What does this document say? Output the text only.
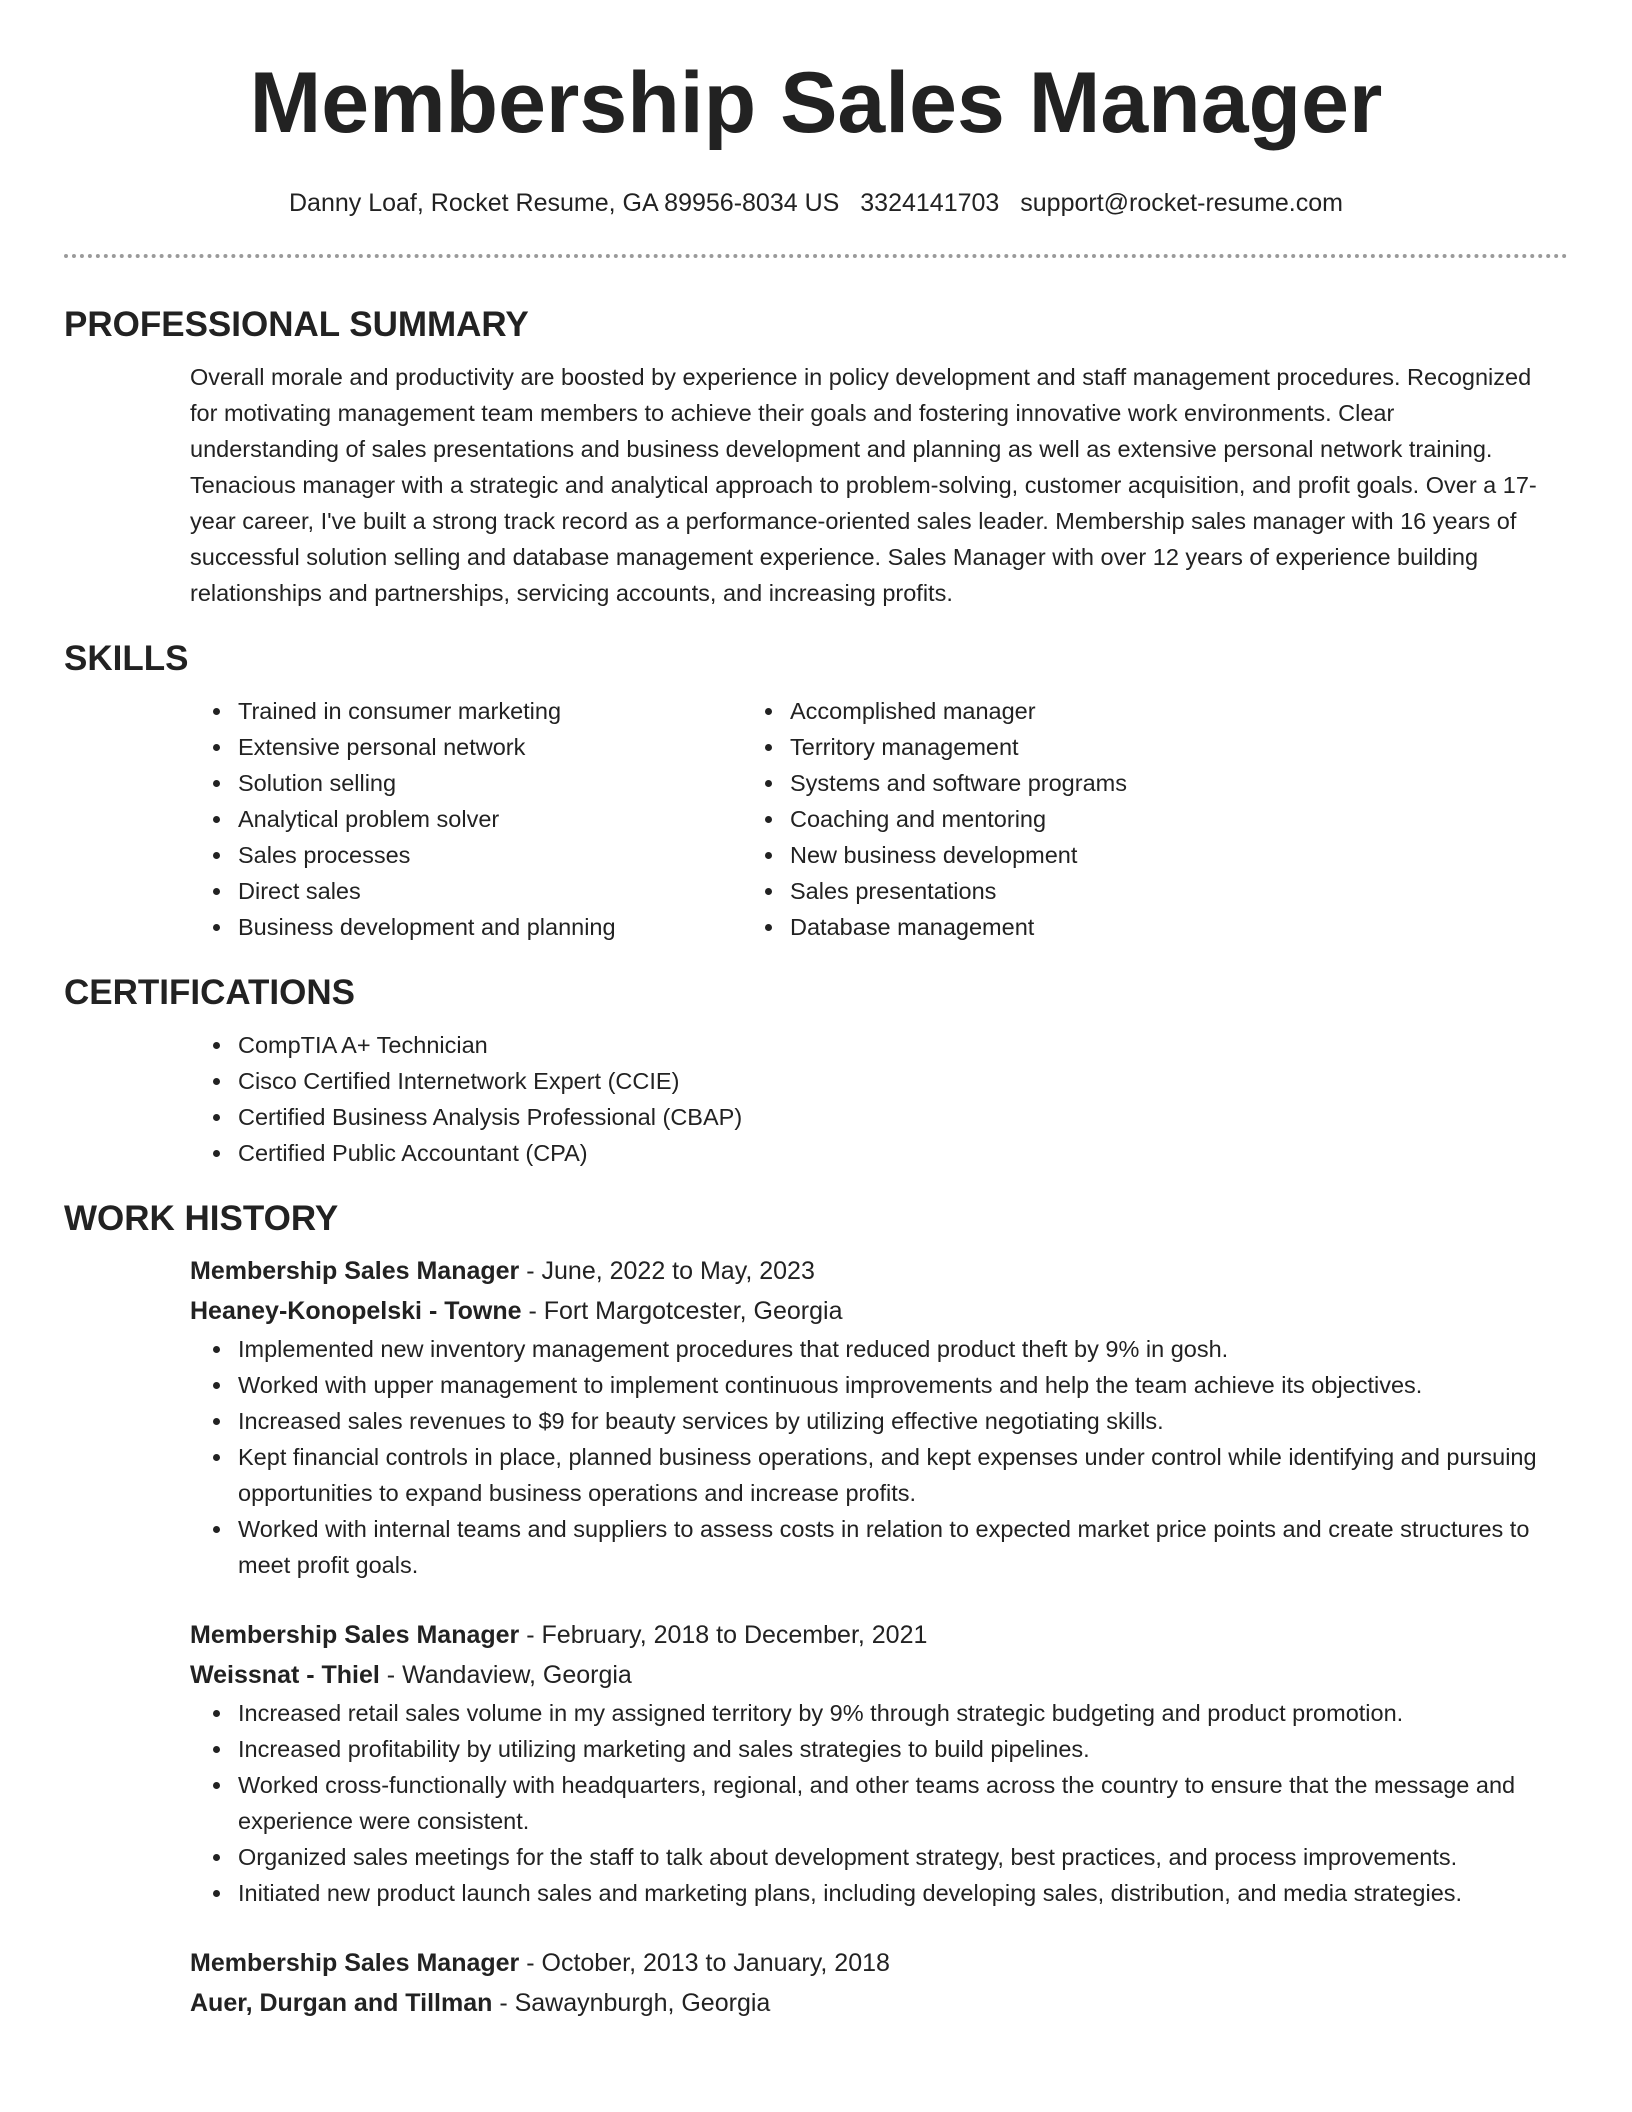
Membership Sales Manager
Danny Loaf, Rocket Resume, GA 89956-8034 US 3324141703 support@rocket-resume.com
PROFESSIONAL SUMMARY

Overall morale and productivity are boosted by experience in policy development and staff management procedures. Recognized for motivating management team members to achieve their goals and fostering innovative work environments. Clear understanding of sales presentations and business development and planning as well as extensive personal network training. Tenacious manager with a strategic and analytical approach to problem-solving, customer acquisition, and profit goals. Over a 17-year career, I've built a strong track record as a performance-oriented sales leader. Membership sales manager with 16 years of successful solution selling and database management experience. Sales Manager with over 12 years of experience building relationships and partnerships, servicing accounts, and increasing profits.

SKILLS
• Trained in consumer marketing
• Extensive personal network
• Solution selling
• Analytical problem solver
• Sales processes
• Direct sales
• Business development and planning
• Accomplished manager
• Territory management
• Systems and software programs
• Coaching and mentoring
• New business development
• Sales presentations
• Database management
CERTIFICATIONS
• CompTIA A+ Technician
• Cisco Certified Internetwork Expert (CCIE)
• Certified Business Analysis Professional (CBAP)
• Certified Public Accountant (CPA)
WORK HISTORY
Membership Sales Manager - June, 2022 to May, 2023
Heaney-Konopelski - Towne - Fort Margotcester, Georgia
• Implemented new inventory management procedures that reduced product theft by 9% in gosh.
• Worked with upper management to implement continuous improvements and help the team achieve its objectives.
• Increased sales revenues to $9 for beauty services by utilizing effective negotiating skills.
• Kept financial controls in place, planned business operations, and kept expenses under control while identifying and pursuing opportunities to expand business operations and increase profits.
• Worked with internal teams and suppliers to assess costs in relation to expected market price points and create structures to meet profit goals.
Membership Sales Manager - February, 2018 to December, 2021
Weissnat - Thiel - Wandaview, Georgia
• Increased retail sales volume in my assigned territory by 9% through strategic budgeting and product promotion.
• Increased profitability by utilizing marketing and sales strategies to build pipelines.
• Worked cross-functionally with headquarters, regional, and other teams across the country to ensure that the message and experience were consistent.
• Organized sales meetings for the staff to talk about development strategy, best practices, and process improvements.
• Initiated new product launch sales and marketing plans, including developing sales, distribution, and media strategies.
Membership Sales Manager - October, 2013 to January, 2018
Auer, Durgan and Tillman - Sawaynburgh, Georgia
